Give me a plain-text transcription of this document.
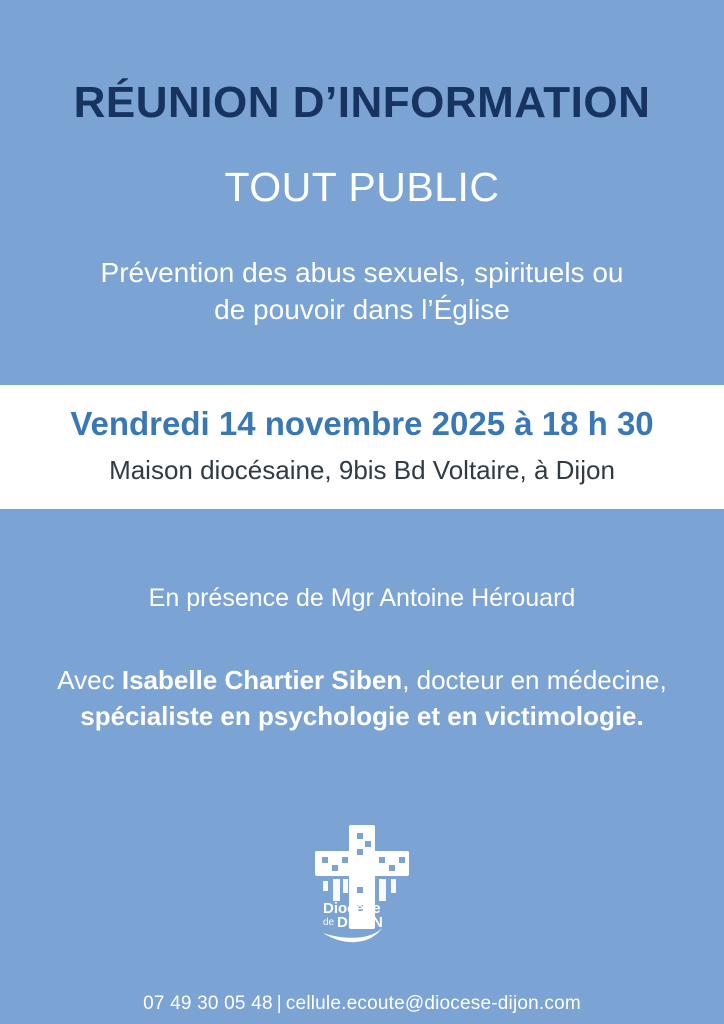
RÉUNION D’INFORMATION
TOUT PUBLIC
Prévention des abus sexuels, spirituels ou
de pouvoir dans l’Église
Vendredi 14 novembre 2025 à 18 h 30
Maison diocésaine, 9bis Bd Voltaire, à Dijon
En présence de Mgr Antoine Hérouard
Avec Isabelle Chartier Siben, docteur en médecine,
spécialiste en psychologie et en victimologie.
Diocèse
de DIJON
07 49 30 05 48 | cellule.ecoute@diocese-dijon.com
